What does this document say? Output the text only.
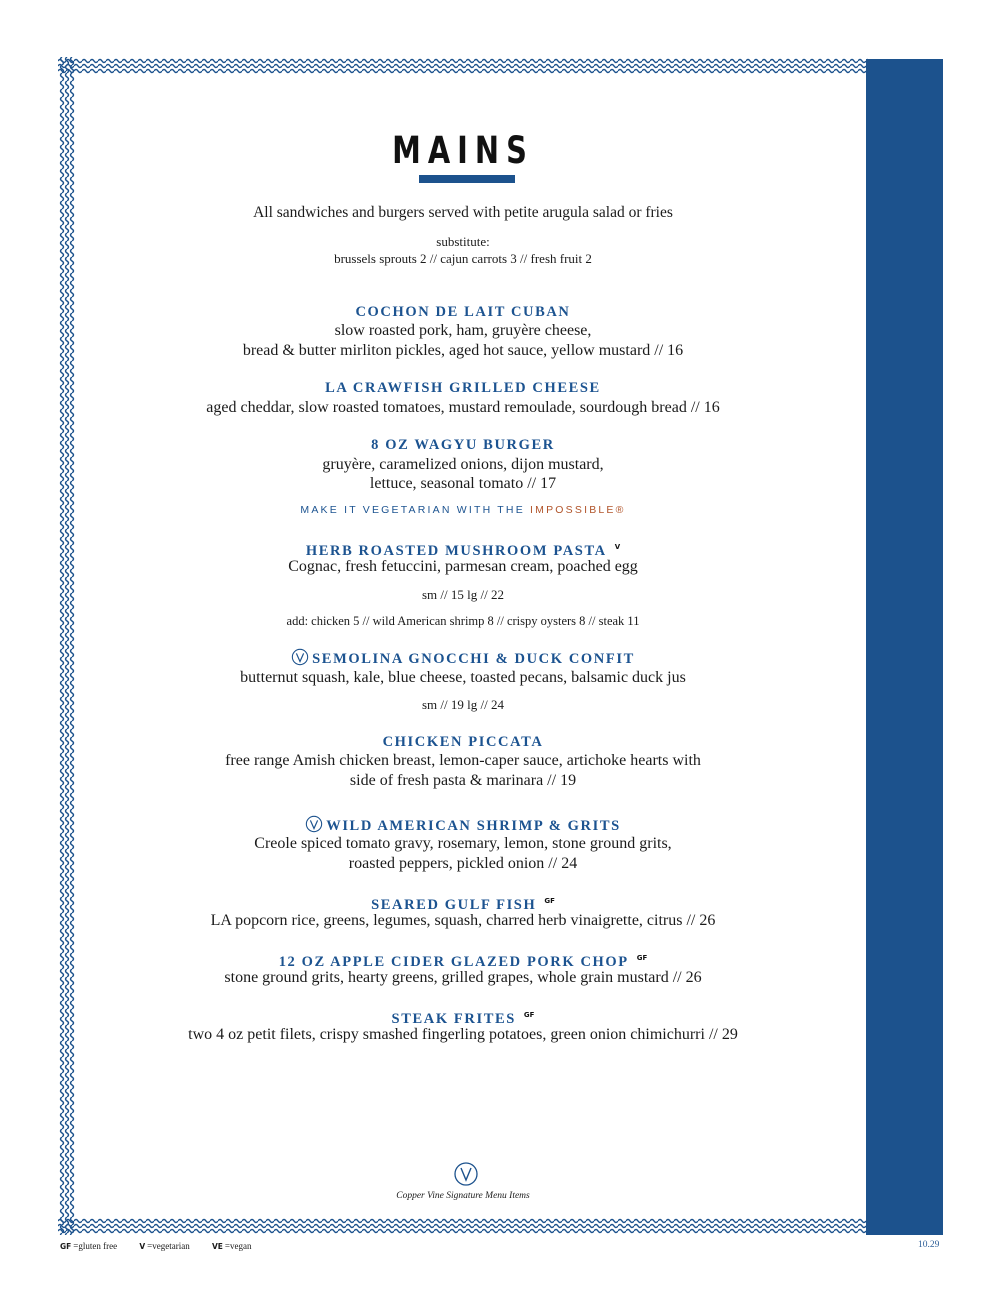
MAINS
All sandwiches and burgers served with petite arugula salad or fries
substitute:
brussels sprouts 2 // cajun carrots 3 // fresh fruit 2
COCHON DE LAIT CUBAN
slow roasted pork, ham, gruyère cheese,
bread & butter mirliton pickles, aged hot sauce, yellow mustard // 16
LA CRAWFISH GRILLED CHEESE
aged cheddar, slow roasted tomatoes, mustard remoulade, sourdough bread // 16
8 OZ WAGYU BURGER
gruyère, caramelized onions, dijon mustard,
lettuce, seasonal tomato // 17
MAKE IT VEGETARIAN WITH THE IMPOSSIBLE®
HERB ROASTED MUSHROOM PASTA $^V$
Cognac, fresh fetuccini, parmesan cream, poached egg
sm // 15 lg // 22
add: chicken 5 // wild American shrimp 8 // crispy oysters 8 // steak 11
SEMOLINA GNOCCHI & DUCK CONFIT
butternut squash, kale, blue cheese, toasted pecans, balsamic duck jus
sm // 19 lg // 24
CHICKEN PICCATA
free range Amish chicken breast, lemon-caper sauce, artichoke hearts with
side of fresh pasta & marinara // 19
WILD AMERICAN SHRIMP & GRITS
Creole spiced tomato gravy, rosemary, lemon, stone ground grits,
roasted peppers, pickled onion // 24
SEARED GULF FISH $^{GF}$
LA popcorn rice, greens, legumes, squash, charred herb vinaigrette, citrus // 26
12 OZ APPLE CIDER GLAZED PORK CHOP $^{GF}$
stone ground grits, hearty greens, grilled grapes, whole grain mustard // 26
STEAK FRITES $^{GF}$
two 4 oz petit filets, crispy smashed fingerling potatoes, green onion chimichurri // 29
Copper Vine Signature Menu Items
GF =gluten free	V =vegetarian	VE =vegan	10.29
